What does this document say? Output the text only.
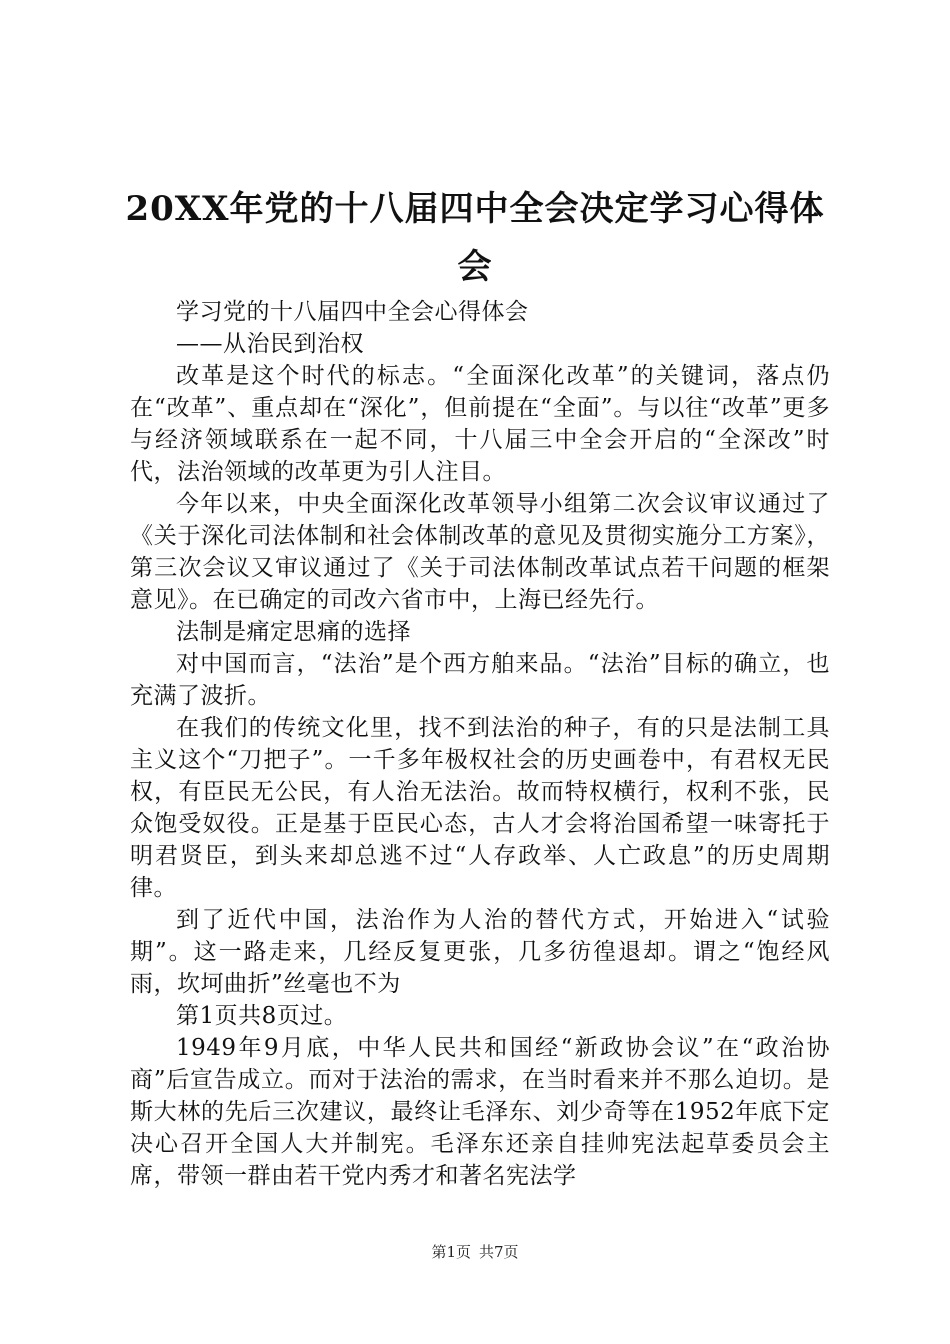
20XX年党的十八届四中全会决定学习心得体会

学习党的十八届四中全会心得体会

——从治民到治权

改革是这个时代的标志。“全面深化改革”的关键词，落点仍在“改革”、重点却在“深化”，但前提在“全面”。与以往“改革”更多与经济领域联系在一起不同，十八届三中全会开启的“全深改”时代，法治领域的改革更为引人注目。

今年以来，中央全面深化改革领导小组第二次会议审议通过了《关于深化司法体制和社会体制改革的意见及贯彻实施分工方案》，第三次会议又审议通过了《关于司法体制改革试点若干问题的框架意见》。在已确定的司改六省市中，上海已经先行。

法制是痛定思痛的选择

对中国而言，“法治”是个西方舶来品。“法治”目标的确立，也充满了波折。

在我们的传统文化里，找不到法治的种子，有的只是法制工具主义这个“刀把子”。一千多年极权社会的历史画卷中，有君权无民权，有臣民无公民，有人治无法治。故而特权横行，权利不张，民众饱受奴役。正是基于臣民心态，古人才会将治国希望一味寄托于明君贤臣，到头来却总逃不过“人存政举、人亡政息”的历史周期律。

到了近代中国，法治作为人治的替代方式，开始进入“试验期”。这一路走来，几经反复更张，几多彷徨退却。谓之“饱经风雨，坎坷曲折”丝毫也不为

第1页共8页过。

1949年9月底，中华人民共和国经“新政协会议”在“政治协商”后宣告成立。而对于法治的需求，在当时看来并不那么迫切。是斯大林的先后三次建议，最终让毛泽东、刘少奇等在1952年底下定决心召开全国人大并制宪。毛泽东还亲自挂帅宪法起草委员会主席，带领一群由若干党内秀才和著名宪法学

第1页 共7页
